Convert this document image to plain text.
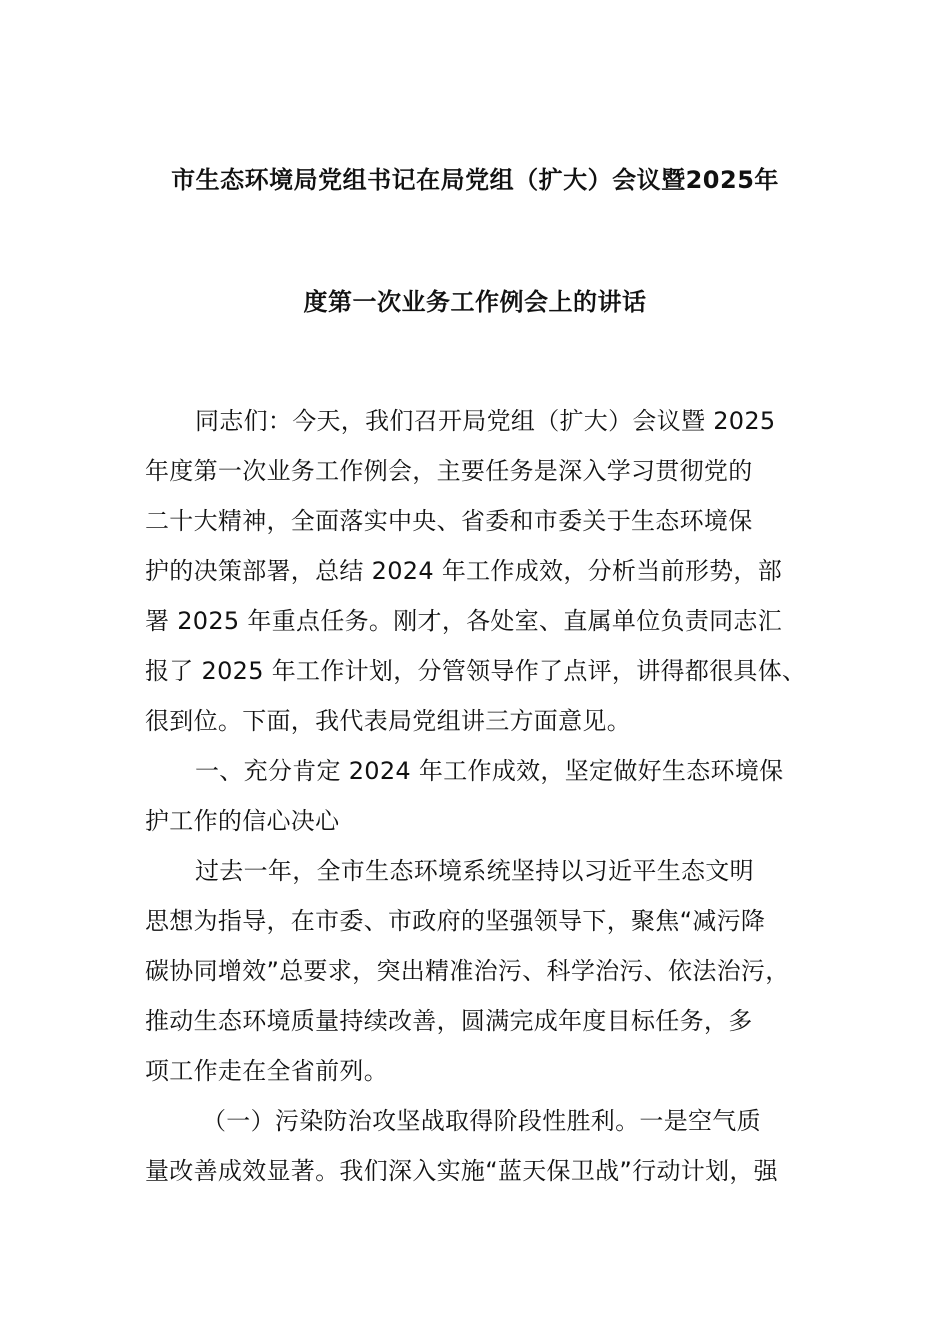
市生态环境局党组书记在局党组（扩大）会议暨2025年
度第一次业务工作例会上的讲话
同志们：今天，我们召开局党组（扩大）会议暨 2025
年度第一次业务工作例会，主要任务是深入学习贯彻党的
二十大精神，全面落实中央、省委和市委关于生态环境保
护的决策部署，总结 2024 年工作成效，分析当前形势，部
署 2025 年重点任务。刚才，各处室、直属单位负责同志汇
报了 2025 年工作计划，分管领导作了点评，讲得都很具体、
很到位。下面，我代表局党组讲三方面意见。
一、充分肯定 2024 年工作成效，坚定做好生态环境保
护工作的信心决心
过去一年，全市生态环境系统坚持以习近平生态文明
思想为指导，在市委、市政府的坚强领导下，聚焦“减污降
碳协同增效”总要求，突出精准治污、科学治污、依法治污，
推动生态环境质量持续改善，圆满完成年度目标任务，多
项工作走在全省前列。
（一）污染防治攻坚战取得阶段性胜利。一是空气质
量改善成效显著。我们深入实施“蓝天保卫战”行动计划，强
